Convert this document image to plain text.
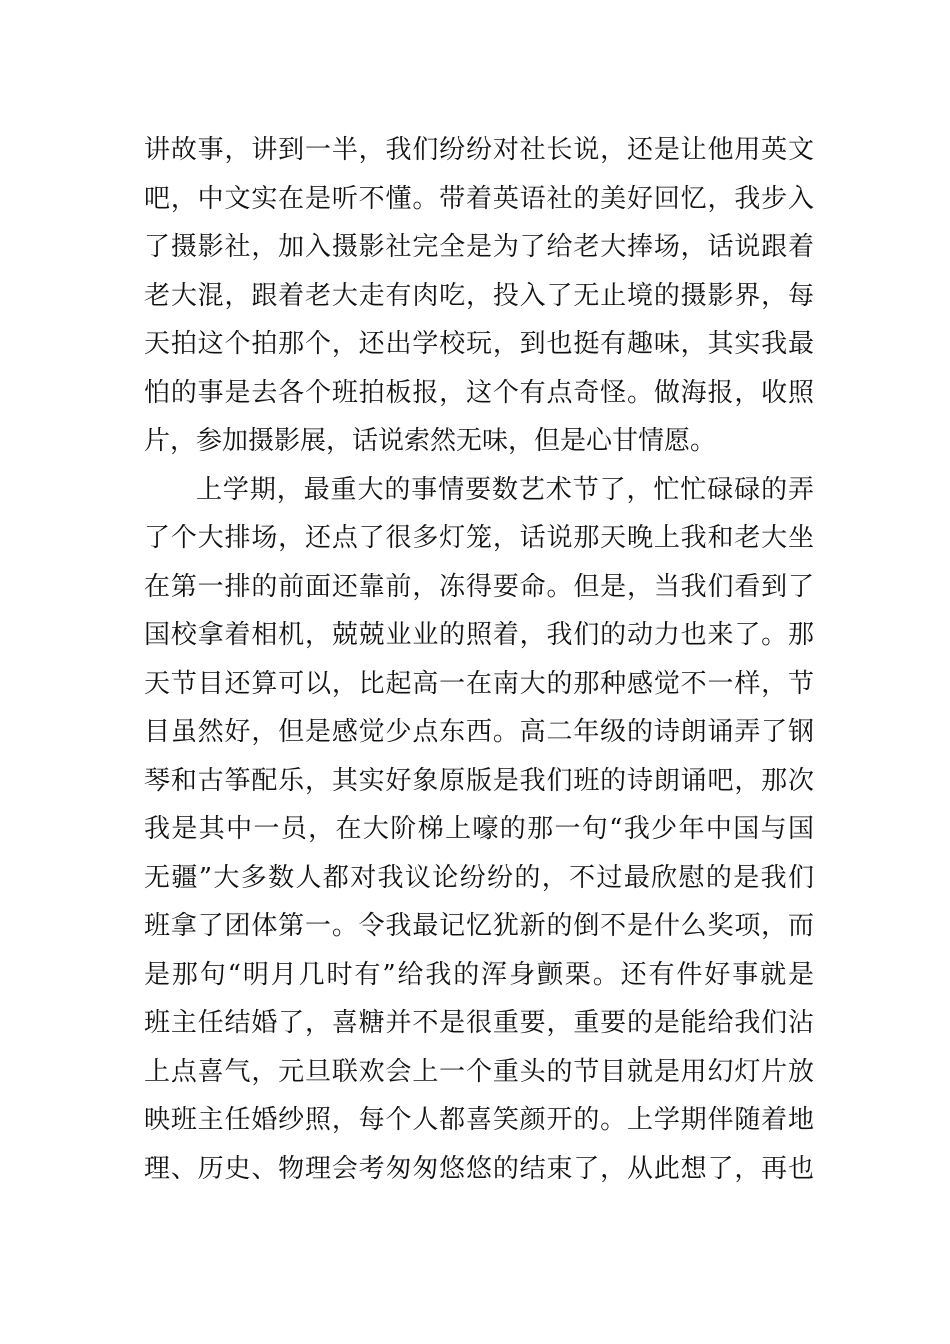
讲故事，讲到一半，我们纷纷对社长说，还是让他用英文
吧，中文实在是听不懂。带着英语社的美好回忆，我步入
了摄影社，加入摄影社完全是为了给老大捧场，话说跟着
老大混，跟着老大走有肉吃，投入了无止境的摄影界，每
天拍这个拍那个，还出学校玩，到也挺有趣味，其实我最
怕的事是去各个班拍板报，这个有点奇怪。做海报，收照
片，参加摄影展，话说索然无味，但是心甘情愿。
上学期，最重大的事情要数艺术节了，忙忙碌碌的弄
了个大排场，还点了很多灯笼，话说那天晚上我和老大坐
在第一排的前面还靠前，冻得要命。但是，当我们看到了
国校拿着相机，兢兢业业的照着，我们的动力也来了。那
天节目还算可以，比起高一在南大的那种感觉不一样，节
目虽然好，但是感觉少点东西。高二年级的诗朗诵弄了钢
琴和古筝配乐，其实好象原版是我们班的诗朗诵吧，那次
我是其中一员，在大阶梯上嚎的那一句“我少年中国与国
无疆”大多数人都对我议论纷纷的，不过最欣慰的是我们
班拿了团体第一。令我最记忆犹新的倒不是什么奖项，而
是那句“明月几时有”给我的浑身颤栗。还有件好事就是
班主任结婚了，喜糖并不是很重要，重要的是能给我们沾
上点喜气，元旦联欢会上一个重头的节目就是用幻灯片放
映班主任婚纱照，每个人都喜笑颜开的。上学期伴随着地
理、历史、物理会考匆匆悠悠的结束了，从此想了，再也
